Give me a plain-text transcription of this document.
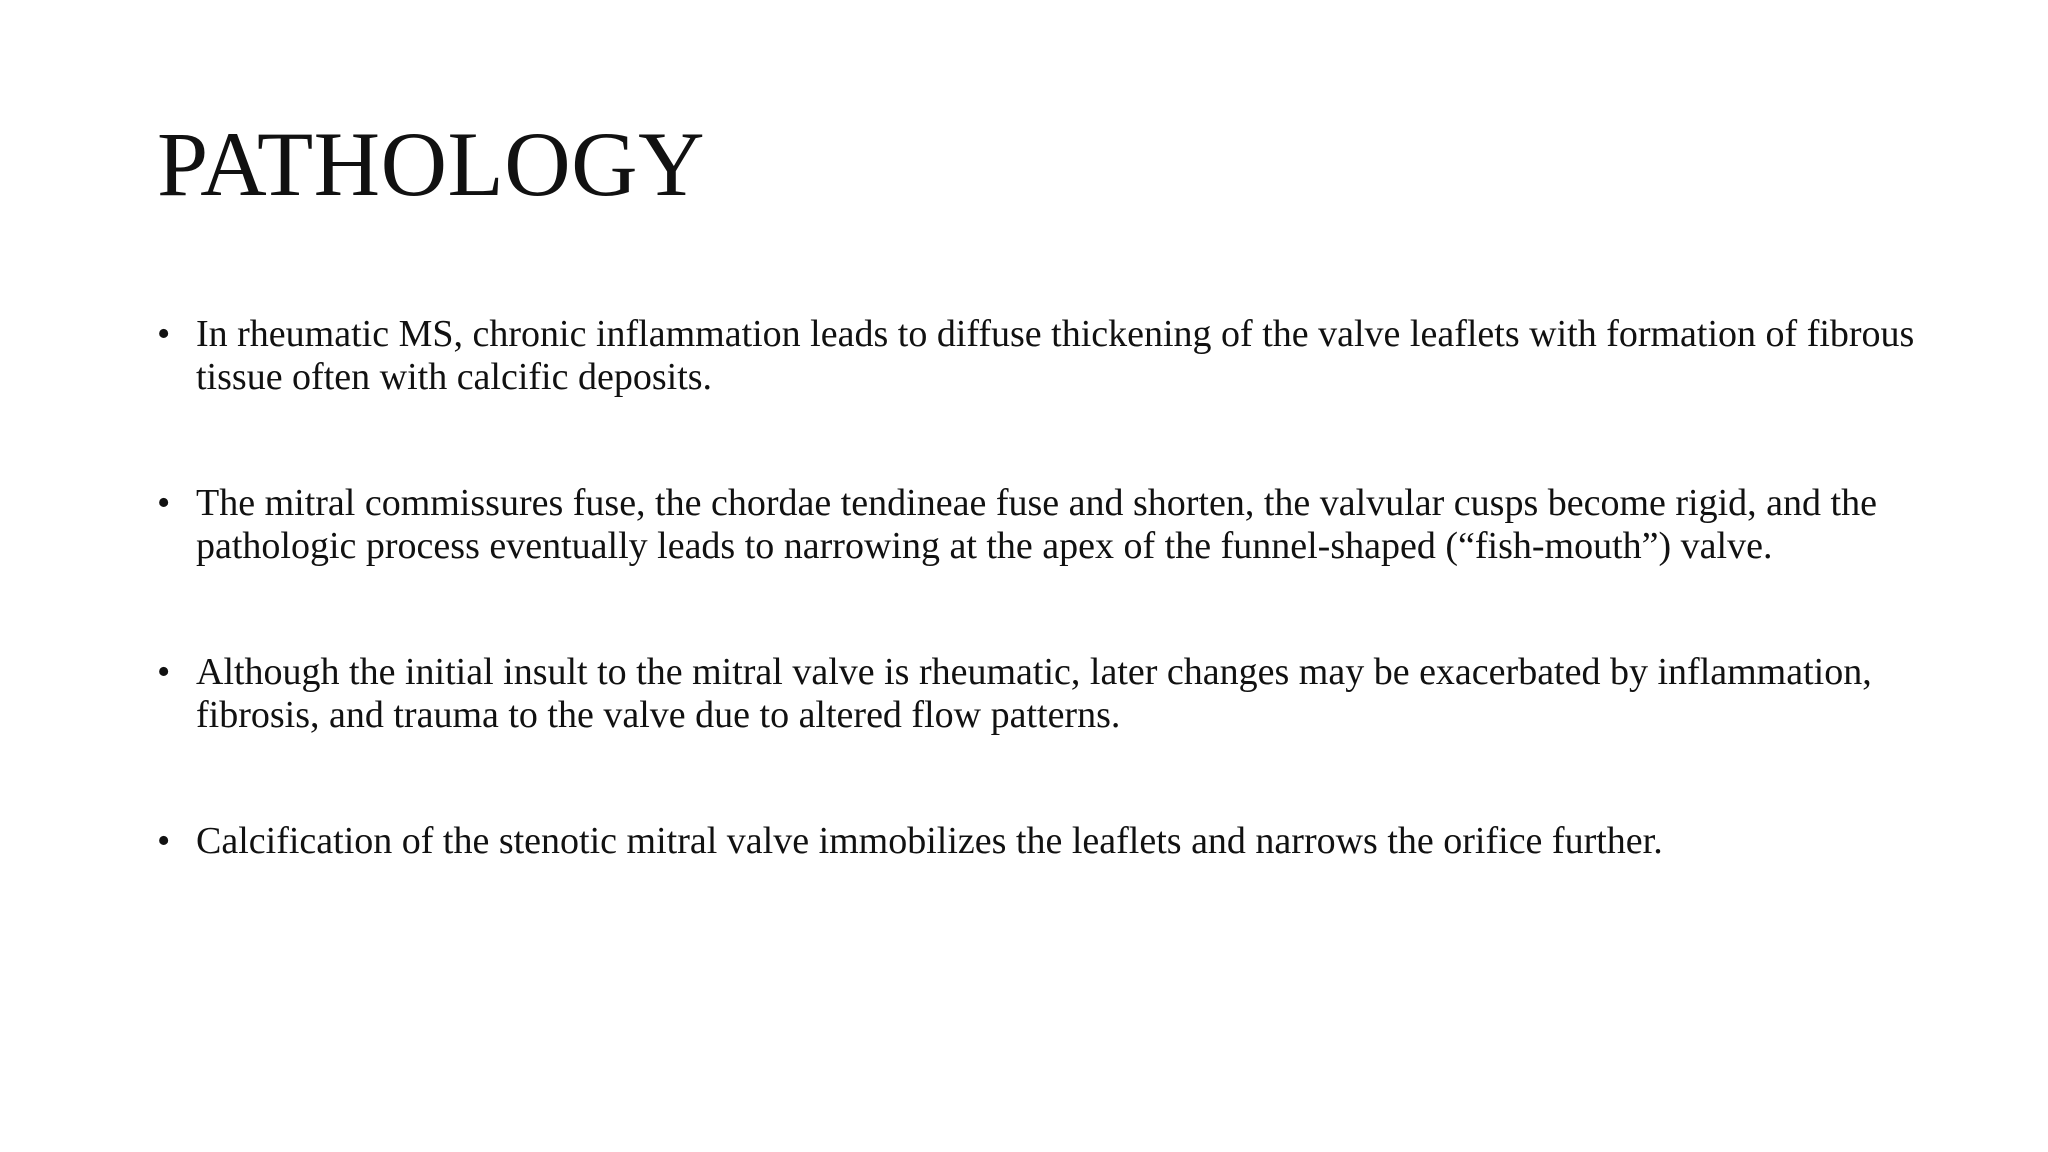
PATHOLOGY
• In rheumatic MS, chronic inflammation leads to diffuse thickening of the valve leaflets with formation of fibrous tissue often with calcific deposits.
• The mitral commissures fuse, the chordae tendineae fuse and shorten, the valvular cusps become rigid, and the pathologic process eventually leads to narrowing at the apex of the funnel-shaped (“fish-mouth”) valve.
• Although the initial insult to the mitral valve is rheumatic, later changes may be exacerbated by inflammation, fibrosis, and trauma to the valve due to altered flow patterns.
• Calcification of the stenotic mitral valve immobilizes the leaflets and narrows the orifice further.
